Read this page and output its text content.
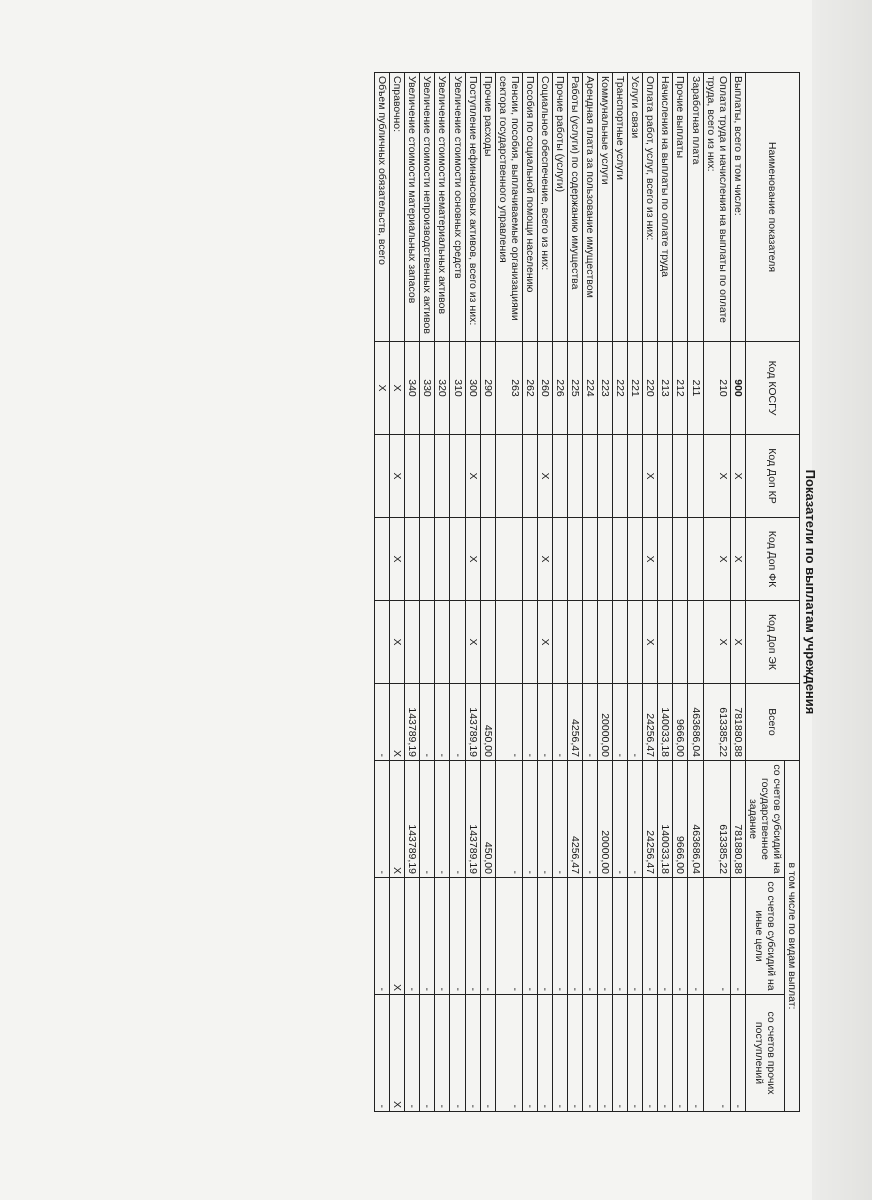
Показатели по выплатам учреждения
Наименование показателя	Код КОСГУ	Код Доп КР	Код Доп ФК	Код Доп ЭК	Всего	в том числе по видам выплат:		
						со счетов субсидий на государственное задание	со счетов субсидий на иные цели	со счетов прочих поступлений
Выплаты, всего в том числе:	900	X	X	X	781880,88	781880,88	-	-
Оплата труда и начисления на выплаты по оплате труда, всего из них:	210	X	X	X	613385,22	613385,22	-	-
Заработная плата	211				463686,04	463686,04	-	-
Прочие выплаты	212				9666,00	9666,00	-	-
Начисления на выплаты по оплате труда	213				140033,18	140033,18	-	-
Оплата работ, услуг, всего из них:	220	X	X	X	24256,47	24256,47	-	-
Услуги связи	221				-	-	-	-
Транспортные услуги	222				-	-	-	-
Коммунальные услуги	223				20000,00	20000,00	-	-
Арендная плата за пользование имуществом	224				-	-	-	-
Работы (услуги) по содержанию имущества	225				4256,47	4256,47	-	-
Прочие работы (услуги)	226				-	-	-	-
Социальное обеспечение, всего из них:	260	X	X	X	-	-	-	-
Пособия по социальной помощи населению	262				-	-	-	-
Пенсии, пособия, выплачиваемые организациями сектора государственного управления	263				-	-	-	-
Прочие расходы	290				450,00	450,00	-	-
Поступление нефинансовых активов, всего из них:	300	X	X	X	143789,19	143789,19	-	-
Увеличение стоимости основных средств	310				-	-	-	-
Увеличение стоимости нематериальных активов	320				-	-	-	-
Увеличение стоимости непроизводственных активов	330				-	-	-	-
Увеличение стоимости материальных запасов	340				143789,19	143789,19	-	-
Справочно:	X	X	X	X	X	X	X	X
Объем публичных обязательств, всего	X				-	-	-	-
